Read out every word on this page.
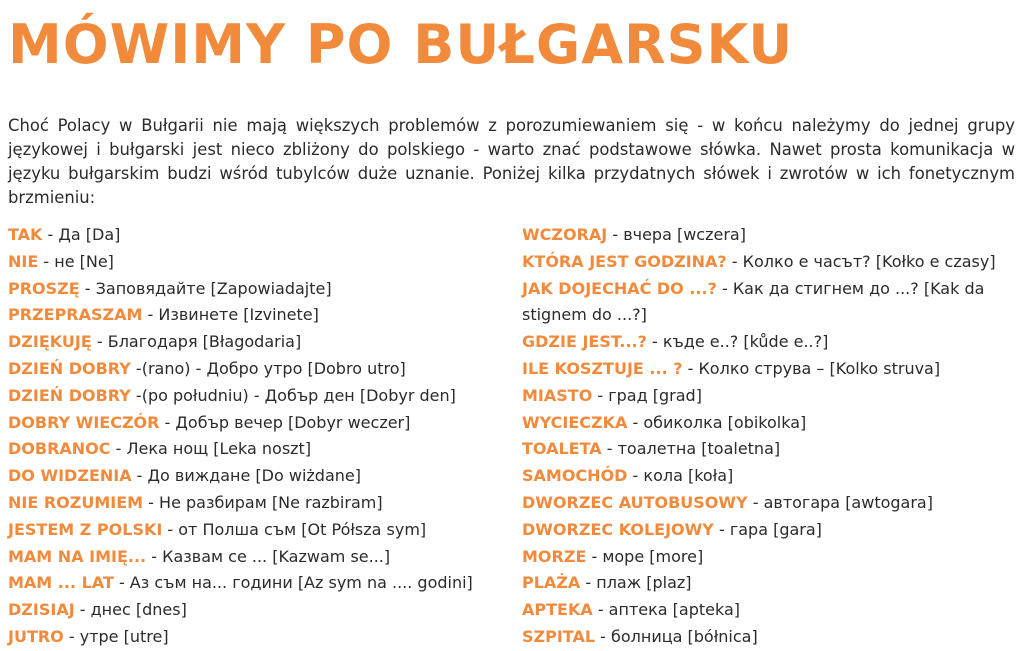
MÓWIMY PO BUŁGARSKU

Choć Polacy w Bułgarii nie mają większych problemów z porozumiewaniem się - w końcu należymy do jednej grupy językowej i bułgarski jest nieco zbliżony do polskiego - warto znać podstawowe słówka. Nawet prosta komunikacja w języku bułgarskim budzi wśród tubylców duże uznanie. Poniżej kilka przydatnych słówek i zwrotów w ich fonetycznym brzmieniu:

TAK - Да [Da]
NIE - не [Ne]
PROSZĘ - Заповядайте [Zapowiadajte]
PRZEPRASZAM - Извинете [Izvinete]
DZIĘKUJĘ - Благодаря [Błagodaria]
DZIEŃ DOBRY -(rano) - Добро утро [Dobro utro]
DZIEŃ DOBRY -(po południu) - Добър ден [Dobyr den]
DOBRY WIECZÓR - Добър вечер [Dobyr weczer]
DOBRANOC - Лека нощ [Leka noszt]
DO WIDZENIA - До виждане [Do wiżdane]
NIE ROZUMIEM - Не разбирам [Ne razbiram]
JESTEM Z POLSKI - от Полша съм [Ot Półsza sym]
MAM NA IMIĘ... - Казвам се ... [Kazwam se...]
MAM ... LAT - Аз съм на... години [Az sym na .... godini]
DZISIAJ - днес [dnes]
JUTRO - утре [utre]
WCZORAJ - вчера [wczera]
KTÓRA JEST GODZINA? - Колко е часът? [Kołko e czasy]
JAK DOJECHAĆ DO ...? - Как да стигнем до ...? [Kak da stignem do ...?]
GDZIE JEST...? - къде е..? [kůde e..?]
ILE KOSZTUJE ... ? - Колко струва – [Kolko struva]
MIASTO - град [grad]
WYCIECZKA - обиколка [obikolka]
TOALETA - тоалетна [toaletna]
SAMOCHÓD - кола [koła]
DWORZEC AUTOBUSOWY - автогара [awtogara]
DWORZEC KOLEJOWY - гара [gara]
MORZE - море [more]
PLAŻA - плаж [plaz]
APTEKA - аптека [apteka]
SZPITAL - болница [bółnica]
